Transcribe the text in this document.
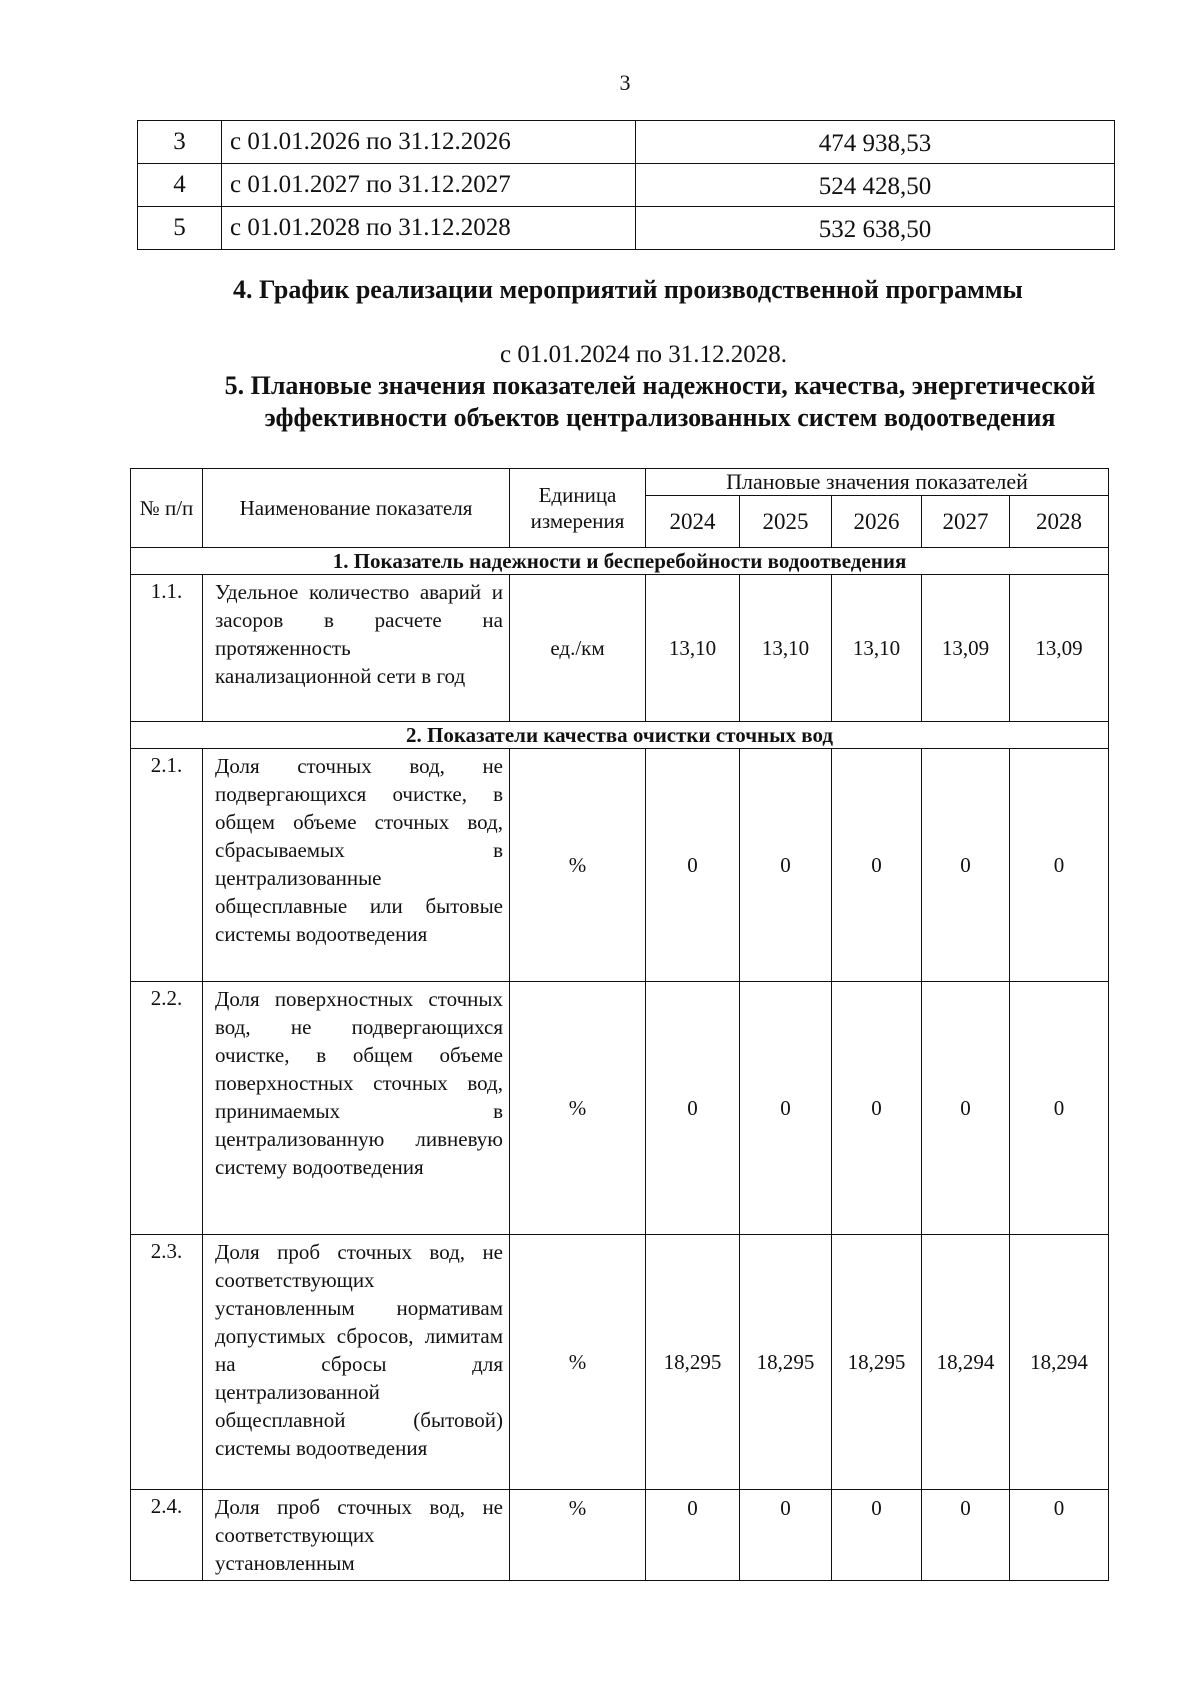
3
3	с 01.01.2026 по 31.12.2026	474 938,53
4	с 01.01.2027 по 31.12.2027	524 428,50
5	с 01.01.2028 по 31.12.2028	532 638,50
4. График реализации мероприятий производственной программы
с 01.01.2024 по 31.12.2028.
5. Плановые значения показателей надежности, качества, энергетической
эффективности объектов централизованных систем водоотведения
№ п/п	Наименование показателя	Единица измерения	Плановые значения показателей				
			2024	2025	2026	2027	2028
1. Показатель надежности и бесперебойности водоотведения							
1.1.	Удельное количество аварий и засоров в расчете на протяженность канализационной сети в год	ед./км	13,10	13,10	13,10	13,09	13,09
2. Показатели качества очистки сточных вод							
2.1.	Доля сточных вод, не подвергающихся очистке, в общем объеме сточных вод, сбрасываемых в централизованные общесплавные или бытовые системы водоотведения	%	0	0	0	0	0
2.2.	Доля поверхностных сточных вод, не подвергающихся очистке, в общем объеме поверхностных сточных вод, принимаемых в централизованную ливневую систему водоотведения	%	0	0	0	0	0
2.3.	Доля проб сточных вод, не соответствующих установленным нормативам допустимых сбросов, лимитам на сбросы для централизованной общесплавной (бытовой) системы водоотведения	%	18,295	18,295	18,295	18,294	18,294
2.4.	Доля проб сточных вод, не соответствующих установленным	%	0	0	0	0	0
